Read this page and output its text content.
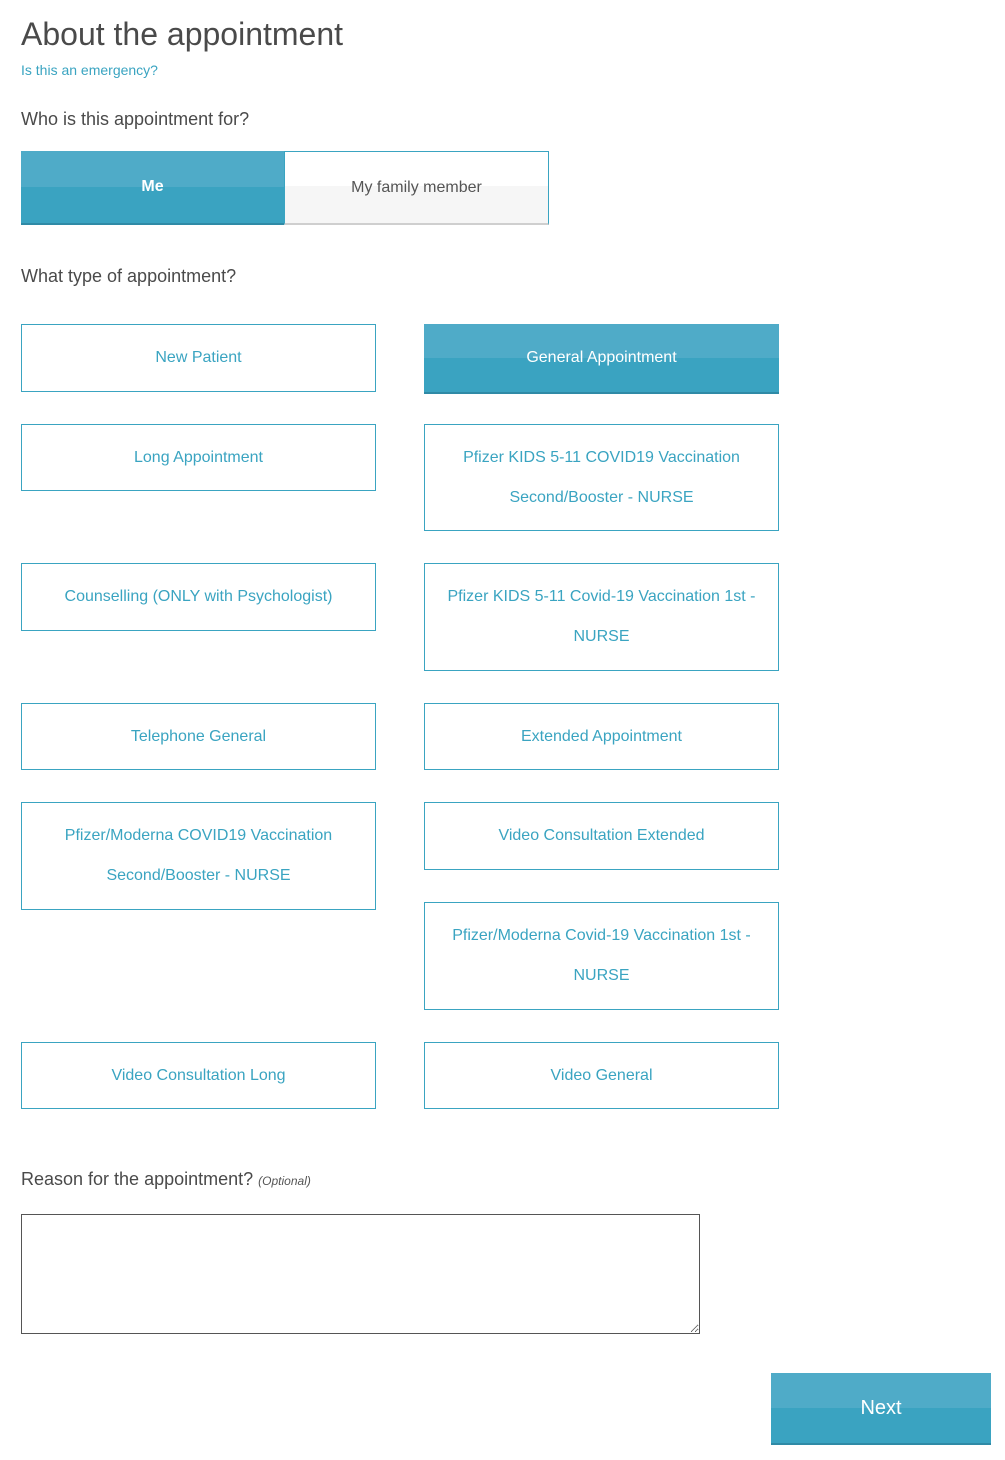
About the appointment
Is this an emergency?
Who is this appointment for?
Me	My family member
What type of appointment?
New Patient	General Appointment
Long Appointment	Pfizer KIDS 5-11 COVID19 Vaccination Second/Booster - NURSE
Counselling (ONLY with Psychologist)	Pfizer KIDS 5-11 Covid-19 Vaccination 1st - NURSE
Telephone General	Extended Appointment
Pfizer/Moderna COVID19 Vaccination Second/Booster - NURSE
Video Consultation Extended
Pfizer/Moderna Covid-19 Vaccination 1st - NURSE
Video Consultation Long	Video General
Reason for the appointment? (Optional)
Next
